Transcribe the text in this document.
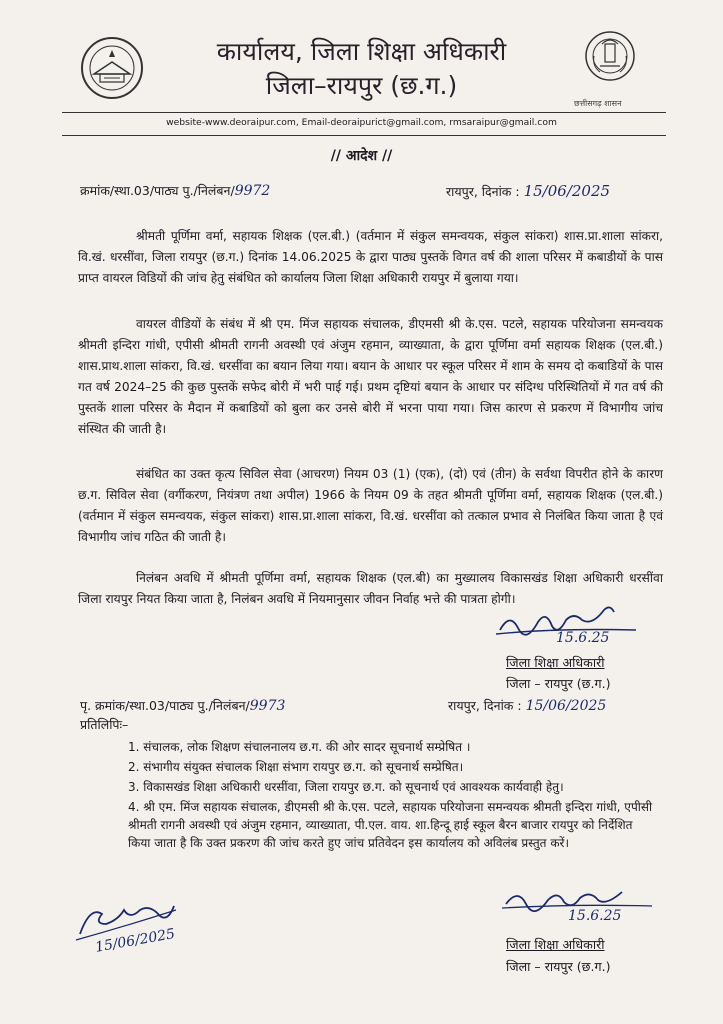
कार्यालय, जिला शिक्षा अधिकारी
जिला–रायपुर (छ.ग.)
छत्तीसगढ़ शासन
website-www.deoraipur.com, Email-deoraipurict@gmail.com, rmsaraipur@gmail.com
// आदेश //
क्रमांक/स्था.03/पाठ्य पु./निलंबन/9972	रायपुर, दिनांक : 15/06/2025
श्रीमती पूर्णिमा वर्मा, सहायक शिक्षक (एल.बी.) (वर्तमान में संकुल समन्वयक, संकुल सांकरा) शास.प्रा.शाला सांकरा, वि.खं. धरसींवा, जिला रायपुर (छ.ग.) दिनांक 14.06.2025 के द्वारा पाठ्य पुस्तकें विगत वर्ष की शाला परिसर में कबाडीयों के पास प्राप्त वायरल विडियों की जांच हेतु संबंधित को कार्यालय जिला शिक्षा अधिकारी रायपुर में बुलाया गया।
वायरल वीडियों के संबंध में श्री एम. मिंज सहायक संचालक, डीएमसी श्री के.एस. पटले, सहायक परियोजना समन्वयक श्रीमती इन्दिरा गांधी, एपीसी श्रीमती रागनी अवस्थी एवं अंजुम रहमान, व्याख्याता, के द्वारा पूर्णिमा वर्मा सहायक शिक्षक (एल.बी.) शास.प्राथ.शाला सांकरा, वि.खं. धरसींवा का बयान लिया गया। बयान के आधार पर स्कूल परिसर में शाम के समय दो कबाडियों के पास गत वर्ष 2024–25 की कुछ पुस्तकें सफेद बोरी में भरी पाई गई। प्रथम दृष्टियां बयान के आधार पर संदिग्ध परिस्थितियों में गत वर्ष की पुस्तकें शाला परिसर के मैदान में कबाडियों को बुला कर उनसे बोरी में भरना पाया गया। जिस कारण से प्रकरण में विभागीय जांच संस्थित की जाती है।
संबंधित का उक्त कृत्य सिविल सेवा (आचरण) नियम 03 (1) (एक), (दो) एवं (तीन) के सर्वथा विपरीत होने के कारण छ.ग. सिविल सेवा (वर्गीकरण, नियंत्रण तथा अपील) 1966 के नियम 09 के तहत श्रीमती पूर्णिमा वर्मा, सहायक शिक्षक (एल.बी.) (वर्तमान में संकुल समन्वयक, संकुल सांकरा) शास.प्रा.शाला सांकरा, वि.खं. धरसींवा को तत्काल प्रभाव से निलंबित किया जाता है एवं विभागीय जांच गठित की जाती है।
निलंबन अवधि में श्रीमती पूर्णिमा वर्मा, सहायक शिक्षक (एल.बी) का मुख्यालय विकासखंड शिक्षा अधिकारी धरसींवा जिला रायपुर नियत किया जाता है, निलंबन अवधि में नियमानुसार जीवन निर्वाह भत्ते की पात्रता होगी।
15.6.25
जिला शिक्षा अधिकारी
जिला – रायपुर (छ.ग.)
पृ. क्रमांक/स्था.03/पाठ्य पु./निलंबन/9973	रायपुर, दिनांक : 15/06/2025
प्रतिलिपिः–
1. संचालक, लोक शिक्षण संचालनालय छ.ग. की ओर सादर सूचनार्थ सम्प्रेषित ।
2. संभागीय संयुक्त संचालक शिक्षा संभाग रायपुर छ.ग. को सूचनार्थ सम्प्रेषित।
3. विकासखंड शिक्षा अधिकारी धरसींवा, जिला रायपुर छ.ग. को सूचनार्थ एवं आवश्यक कार्यवाही हेतु।
4. श्री एम. मिंज सहायक संचालक, डीएमसी श्री के.एस. पटले, सहायक परियोजना समन्वयक श्रीमती इन्दिरा गांधी, एपीसी श्रीमती रागनी अवस्थी एवं अंजुम रहमान, व्याख्याता, पी.एल. वाय. शा.हिन्दू हाई स्कूल बैरन बाजार रायपुर को निर्देशित किया जाता है कि उक्त प्रकरण की जांच करते हुए जांच प्रतिवेदन इस कार्यालय को अविलंब प्रस्तुत करें।
15.6.25
जिला शिक्षा अधिकारी
जिला – रायपुर (छ.ग.)
15/06/2025
